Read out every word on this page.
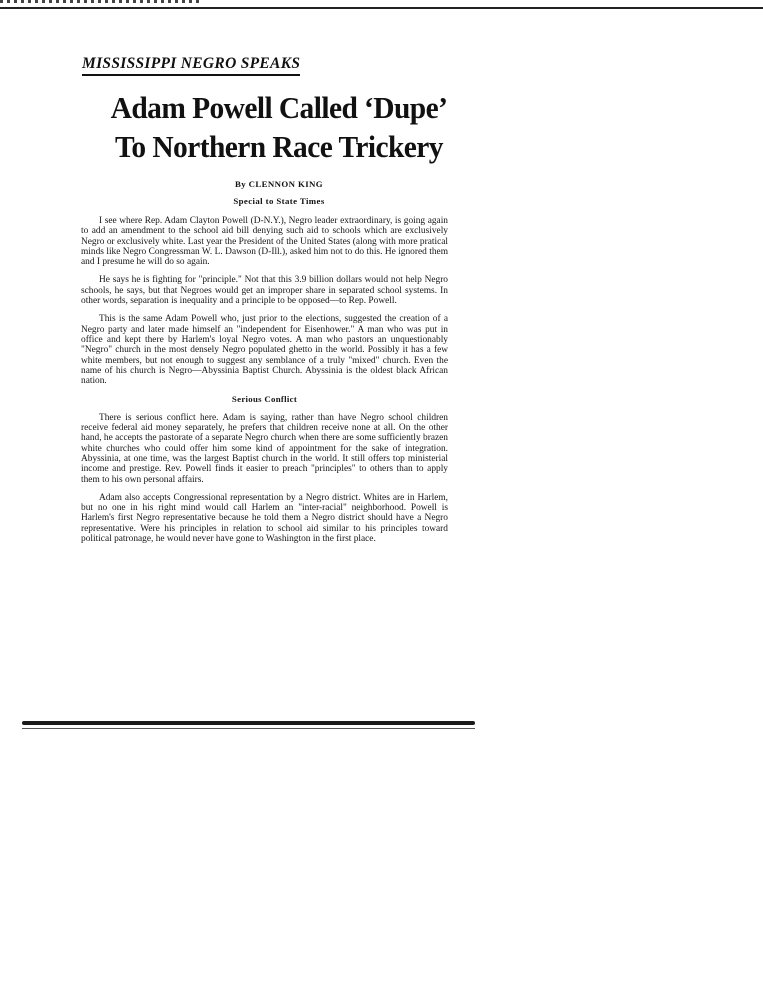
MISSISSIPPI NEGRO SPEAKS
Adam Powell Called ‘Dupe’
To Northern Race Trickery
By CLENNON KING
Special to State Times

I see where Rep. Adam Clayton Powell (D-N.Y.), Negro leader extraordinary, is going again to add an amendment to the school aid bill denying such aid to schools which are exclusively Negro or exclusively white. Last year the President of the United States (along with more pratical minds like Negro Congressman W. L. Dawson (D-Ill.), asked him not to do this. He ignored them and I presume he will do so again.

He says he is fighting for "principle." Not that this 3.9 billion dollars would not help Negro schools, he says, but that Negroes would get an improper share in separated school systems. In other words, separation is inequality and a principle to be opposed—to Rep. Powell.

This is the same Adam Powell who, just prior to the elections, suggested the creation of a Negro party and later made himself an "independent for Eisenhower." A man who was put in office and kept there by Harlem's loyal Negro votes. A man who pastors an unquestionably "Negro" church in the most densely Negro populated ghetto in the world. Possibly it has a few white members, but not enough to suggest any semblance of a truly "mixed" church. Even the name of his church is Negro—Abyssinia Baptist Church. Abyssinia is the oldest black African nation.

Serious Conflict

There is serious conflict here. Adam is saying, rather than have Negro school children receive federal aid money separately, he prefers that children receive none at all. On the other hand, he accepts the pastorate of a separate Negro church when there are some sufficiently brazen white churches who could offer him some kind of appointment for the sake of integration. Abyssinia, at one time, was the largest Baptist church in the world. It still offers top ministerial income and prestige. Rev. Powell finds it easier to preach "principles" to others than to apply them to his own personal affairs.

Adam also accepts Congressional representation by a Negro district. Whites are in Harlem, but no one in his right mind would call Harlem an "inter-racial" neighborhood. Powell is Harlem's first Negro representative because he told them a Negro district should have a Negro representative. Were his principles in relation to school aid similar to his principles toward political patronage, he would never have gone to Washington in the first place.
